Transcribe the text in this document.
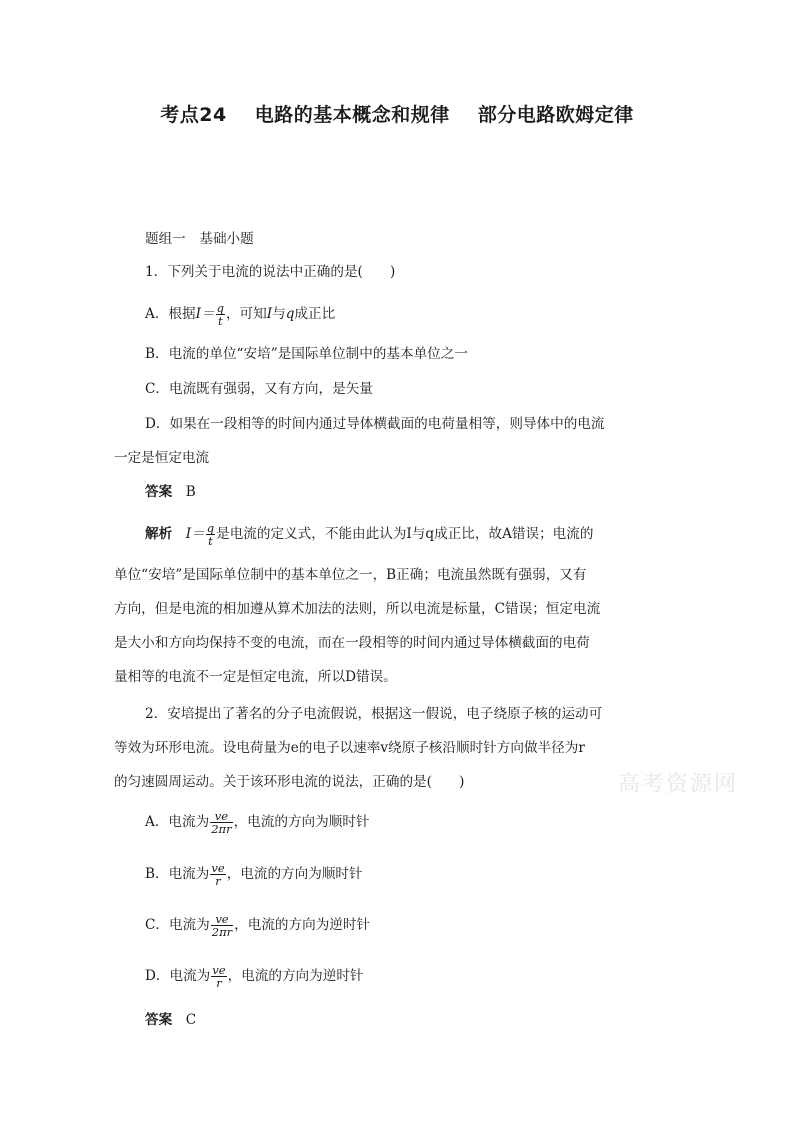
考点24 电路的基本概念和规律 部分电路欧姆定律
题组一　基础小题
1．下列关于电流的说法中正确的是(　　)
A．根据$I= \frac{q}{t}$ ，可知I与q成正比
B．电流的单位“安培”是国际单位制中的基本单位之一
C．电流既有强弱，又有方向，是矢量
D．如果在一段相等的时间内通过导体横截面的电荷量相等，则导体中的电流
一定是恒定电流
答案　 B
解析　 $I= \frac{q}{t}$ 是电流的定义式，不能由此认为I与q成正比，故A错误；电流的
单位“安培”是国际单位制中的基本单位之一，B正确；电流虽然既有强弱，又有
方向，但是电流的相加遵从算术加法的法则，所以电流是标量，C错误；恒定电流
是大小和方向均保持不变的电流，而在一段相等的时间内通过导体横截面的电荷
量相等的电流不一定是恒定电流，所以D错误。
2．安培提出了著名的分子电流假说，根据这一假说，电子绕原子核的运动可
等效为环形电流。设电荷量为e的电子以速率v绕原子核沿顺时针方向做半径为r
的匀速圆周运动。关于该环形电流的说法，正确的是(　　)
A．电流为 $\frac{ve}{2\pi r}$ ，电流的方向为顺时针
B．电流为 $\frac{ve}{r}$ ，电流的方向为顺时针
C．电流为 $\frac{ve}{2\pi r}$ ，电流的方向为逆时针
D．电流为 $\frac{ve}{r}$ ，电流的方向为逆时针
答案　 C
高考资源网
